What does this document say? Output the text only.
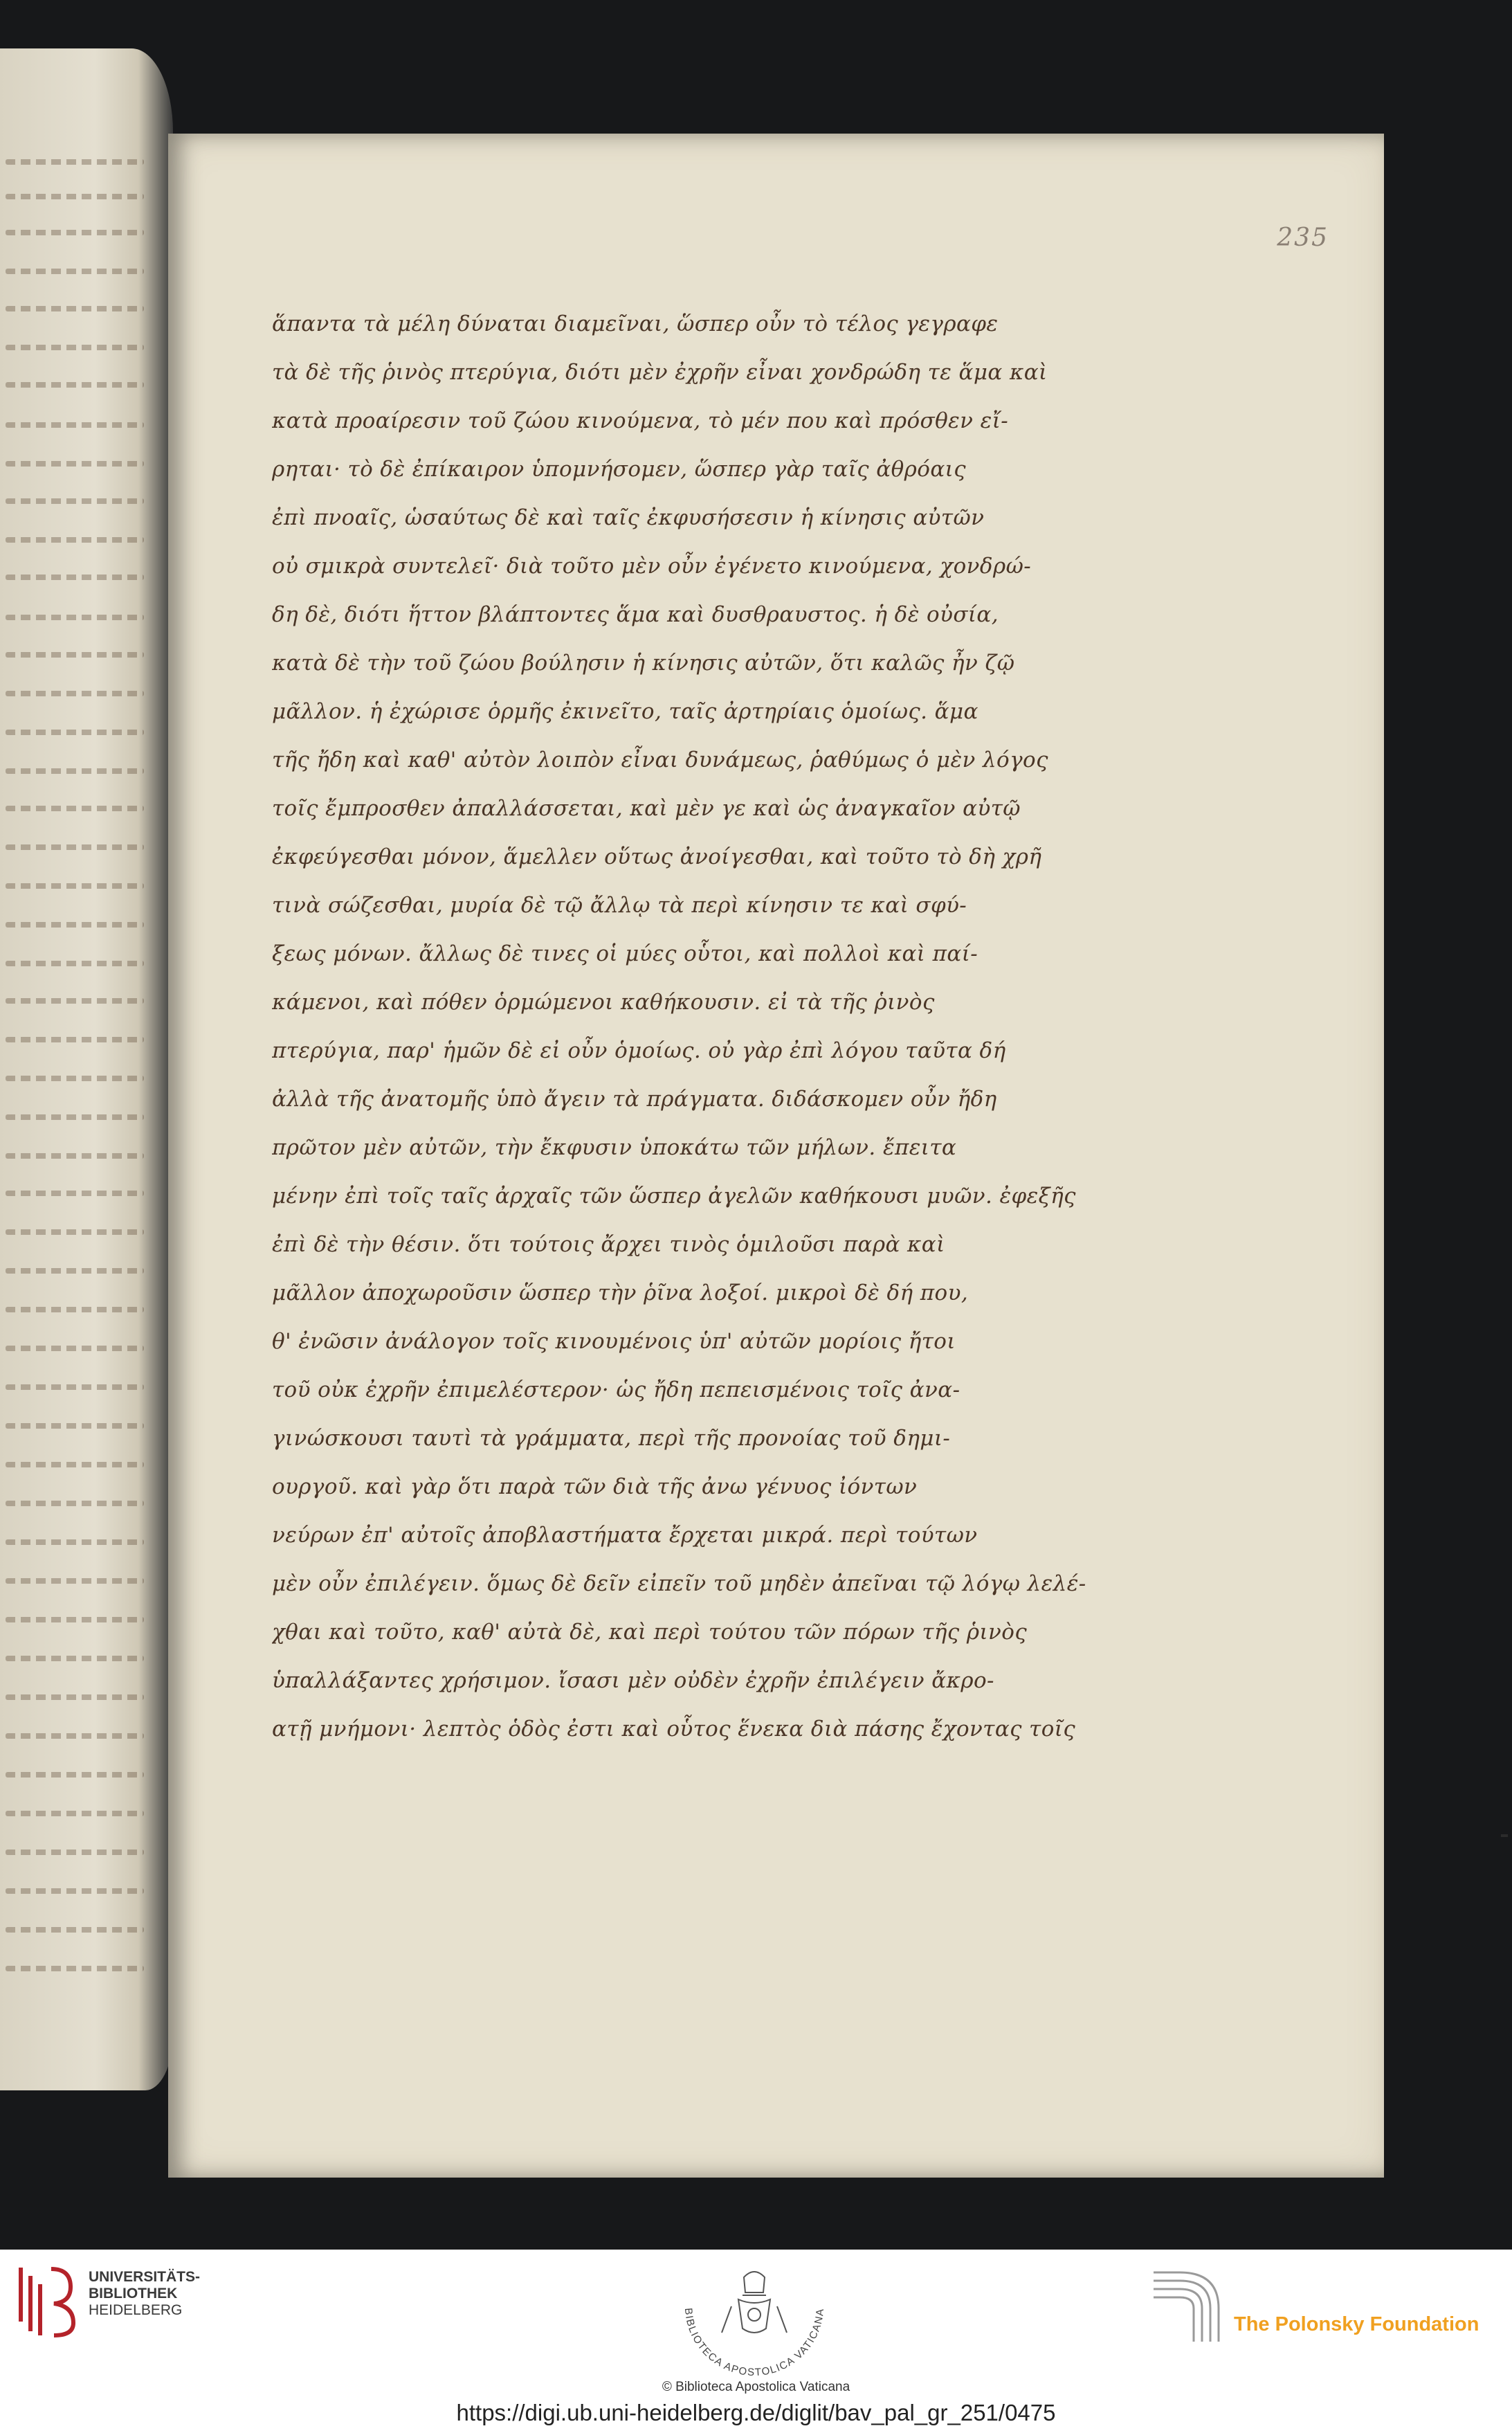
235
ἅπαντα τὰ μέλη δύναται διαμεῖναι, ὥσπερ οὖν τὸ τέλος γεγραφε
τὰ δὲ τῆς ῥινὸς πτερύγια, διότι μὲν ἐχρῆν εἶναι χονδρώδη τε ἅμα καὶ
κατὰ προαίρεσιν τοῦ ζώου κινούμενα, τὸ μέν που καὶ πρόσθεν εἴ-
ρηται· τὸ δὲ ἐπίκαιρον ὑπομνήσομεν, ὥσπερ γὰρ ταῖς ἀθρόαις
ἐπὶ πνοαῖς, ὡσαύτως δὲ καὶ ταῖς ἐκφυσήσεσιν ἡ κίνησις αὐτῶν
οὐ σμικρὰ συντελεῖ· διὰ τοῦτο μὲν οὖν ἐγένετο κινούμενα, χονδρώ-
δη δὲ, διότι ἥττον βλάπτοντες ἅμα καὶ δυσθραυστος. ἡ δὲ οὐσία,
κατὰ δὲ τὴν τοῦ ζώου βούλησιν ἡ κίνησις αὐτῶν, ὅτι καλῶς ἦν ζῷ
μᾶλλον. ἡ ἐχώρισε ὁρμῆς ἐκινεῖτο, ταῖς ἀρτηρίαις ὁμοίως. ἅμα
τῆς ἤδη καὶ καθ' αὐτὸν λοιπὸν εἶναι δυνάμεως, ῥαθύμως ὁ μὲν λόγος
τοῖς ἔμπροσθεν ἀπαλλάσσεται, καὶ μὲν γε καὶ ὡς ἀναγκαῖον αὐτῷ
ἐκφεύγεσθαι μόνον, ἅμελλεν οὕτως ἀνοίγεσθαι, καὶ τοῦτο τὸ δὴ χρῆ
τινὰ σώζεσθαι, μυρία δὲ τῷ ἄλλῳ τὰ περὶ κίνησιν τε καὶ σφύ-
ξεως μόνων. ἄλλως δὲ τινες οἱ μύες οὗτοι, καὶ πολλοὶ καὶ παί-
κάμενοι, καὶ πόθεν ὁρμώμενοι καθήκουσιν. εἰ τὰ τῆς ῥινὸς
πτερύγια, παρ' ἡμῶν δὲ εἰ οὖν ὁμοίως. οὐ γὰρ ἐπὶ λόγου ταῦτα δή
ἀλλὰ τῆς ἀνατομῆς ὑπὸ ἄγειν τὰ πράγματα. διδάσκομεν οὖν ἤδη
πρῶτον μὲν αὐτῶν, τὴν ἔκφυσιν ὑποκάτω τῶν μήλων. ἔπειτα
μένην ἐπὶ τοῖς ταῖς ἀρχαῖς τῶν ὥσπερ ἀγελῶν καθήκουσι μυῶν. ἐφεξῆς
ἐπὶ δὲ τὴν θέσιν. ὅτι τούτοις ἄρχει τινὸς ὁμιλοῦσι παρὰ καὶ
μᾶλλον ἀποχωροῦσιν ὥσπερ τὴν ῥῖνα λοξοί. μικροὶ δὲ δή που,
θ' ἐνῶσιν ἀνάλογον τοῖς κινουμένοις ὑπ' αὐτῶν μορίοις ἤτοι
τοῦ οὐκ ἐχρῆν ἐπιμελέστερον· ὡς ἤδη πεπεισμένοις τοῖς ἀνα-
γινώσκουσι ταυτὶ τὰ γράμματα, περὶ τῆς προνοίας τοῦ δημι-
ουργοῦ. καὶ γὰρ ὅτι παρὰ τῶν διὰ τῆς ἀνω γένυος ἰόντων
νεύρων ἐπ' αὐτοῖς ἀποβλαστήματα ἔρχεται μικρά. περὶ τούτων
μὲν οὖν ἐπιλέγειν. ὅμως δὲ δεῖν εἰπεῖν τοῦ μηδὲν ἀπεῖναι τῷ λόγῳ λελέ-
χθαι καὶ τοῦτο, καθ' αὐτὰ δὲ, καὶ περὶ τούτου τῶν πόρων τῆς ῥινὸς
ὑπαλλάξαντες χρήσιμον. ἴσασι μὲν οὐδὲν ἐχρῆν ἐπιλέγειν ἄκρο-
ατῇ μνήμονι· λεπτὸς ὁδὸς ἐστι καὶ οὗτος ἕνεκα διὰ πάσης ἔχοντας τοῖς
UNIVERSITÄTS-
BIBLIOTHEK
HEIDELBERG	BIBLIOTECA APOSTOLICA VATICANA
© Biblioteca Apostolica Vaticana
https://digi.ub.uni-heidelberg.de/diglit/bav_pal_gr_251/0475
The Polonsky Foundation
